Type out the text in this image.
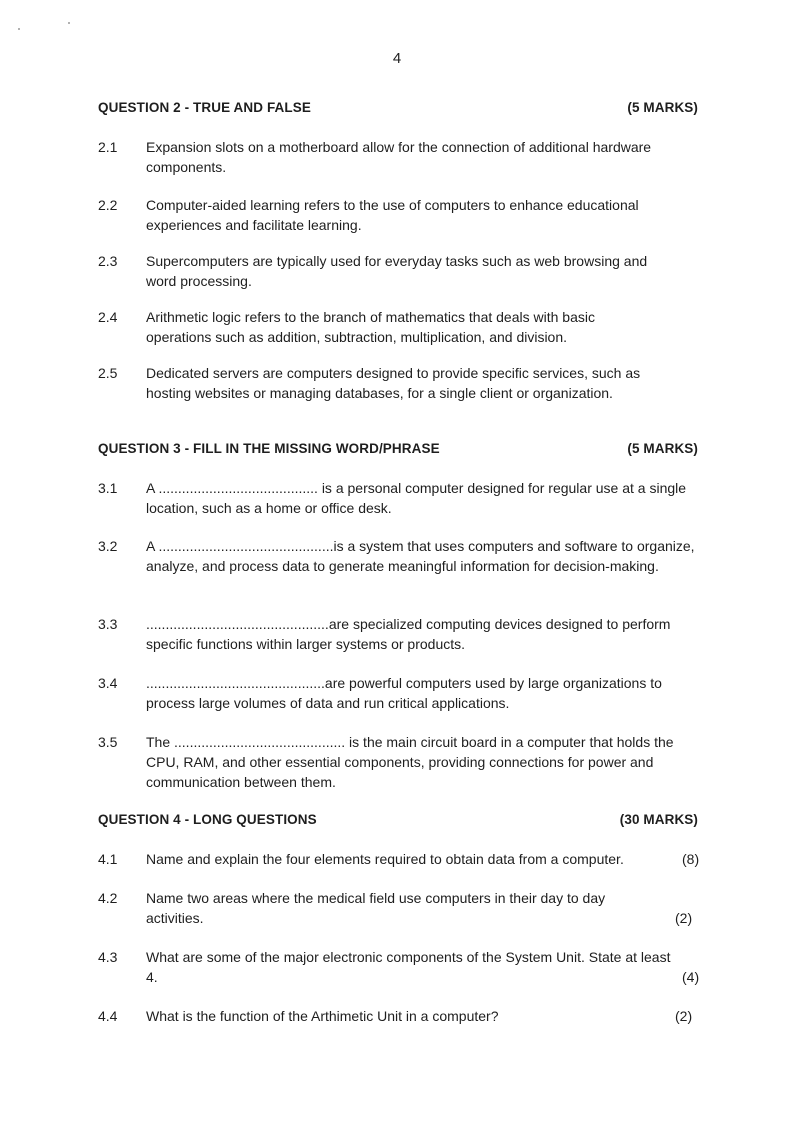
4
QUESTION 2 - TRUE AND FALSE	(5 MARKS)
2.1 Expansion slots on a motherboard allow for the connection of additional hardware components.
2.2 Computer-aided learning refers to the use of computers to enhance educational experiences and facilitate learning.
2.3 Supercomputers are typically used for everyday tasks such as web browsing and word processing.
2.4 Arithmetic logic refers to the branch of mathematics that deals with basic operations such as addition, subtraction, multiplication, and division.
2.5 Dedicated servers are computers designed to provide specific services, such as hosting websites or managing databases, for a single client or organization.
QUESTION 3 - FILL IN THE MISSING WORD/PHRASE	(5 MARKS)
3.1 A ......................................... is a personal computer designed for regular use at a single location, such as a home or office desk.
3.2 A .............................................is a system that uses computers and software to organize, analyze, and process data to generate meaningful information for decision-making.
3.3 ...............................................are specialized computing devices designed to perform specific functions within larger systems or products.
3.4 ..............................................are powerful computers used by large organizations to process large volumes of data and run critical applications.
3.5 The ............................................ is the main circuit board in a computer that holds the CPU, RAM, and other essential components, providing connections for power and communication between them.
QUESTION 4 - LONG QUESTIONS	(30 MARKS)
4.1 Name and explain the four elements required to obtain data from a computer.	(8)
4.2 Name two areas where the medical field use computers in their day to day activities.	(2)
4.3 What are some of the major electronic components of the System Unit. State at least 4.	(4)
4.4 What is the function of the Arthimetic Unit in a computer?	(2)
